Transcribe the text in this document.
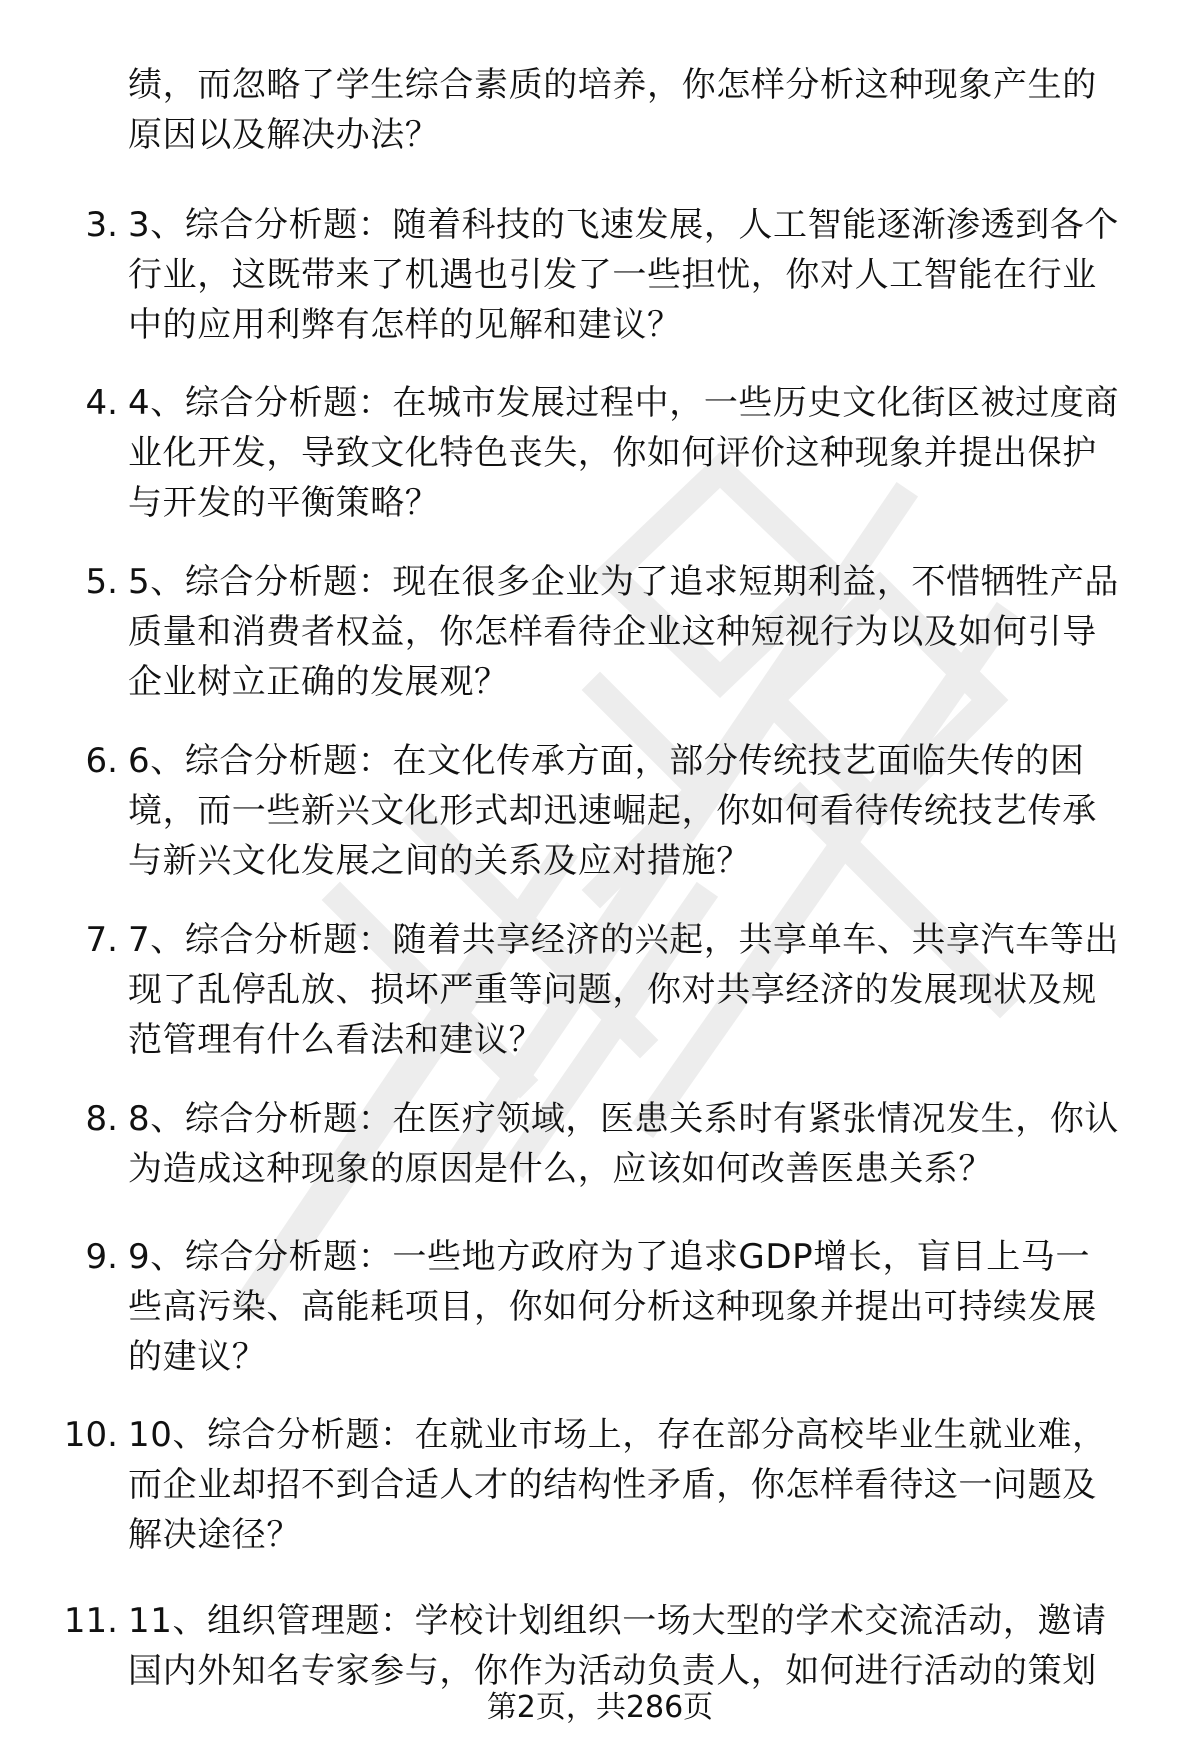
绩，而忽略了学生综合素质的培养，你怎样分析这种现象产生的
原因以及解决办法？
3. 3、综合分析题：随着科技的飞速发展，人工智能逐渐渗透到各个
行业，这既带来了机遇也引发了一些担忧，你对人工智能在行业
中的应用利弊有怎样的见解和建议？
4. 4、综合分析题：在城市发展过程中，一些历史文化街区被过度商
业化开发，导致文化特色丧失，你如何评价这种现象并提出保护
与开发的平衡策略？
5. 5、综合分析题：现在很多企业为了追求短期利益，不惜牺牲产品
质量和消费者权益，你怎样看待企业这种短视行为以及如何引导
企业树立正确的发展观？
6. 6、综合分析题：在文化传承方面，部分传统技艺面临失传的困
境，而一些新兴文化形式却迅速崛起，你如何看待传统技艺传承
与新兴文化发展之间的关系及应对措施？
7. 7、综合分析题：随着共享经济的兴起，共享单车、共享汽车等出
现了乱停乱放、损坏严重等问题，你对共享经济的发展现状及规
范管理有什么看法和建议？
8. 8、综合分析题：在医疗领域，医患关系时有紧张情况发生，你认
为造成这种现象的原因是什么，应该如何改善医患关系？
9. 9、综合分析题：一些地方政府为了追求GDP增长，盲目上马一
些高污染、高能耗项目，你如何分析这种现象并提出可持续发展
的建议？
10. 10、综合分析题：在就业市场上，存在部分高校毕业生就业难，
而企业却招不到合适人才的结构性矛盾，你怎样看待这一问题及
解决途径？
11. 11、组织管理题：学校计划组织一场大型的学术交流活动，邀请
国内外知名专家参与，你作为活动负责人，如何进行活动的策划
第2页，共286页
